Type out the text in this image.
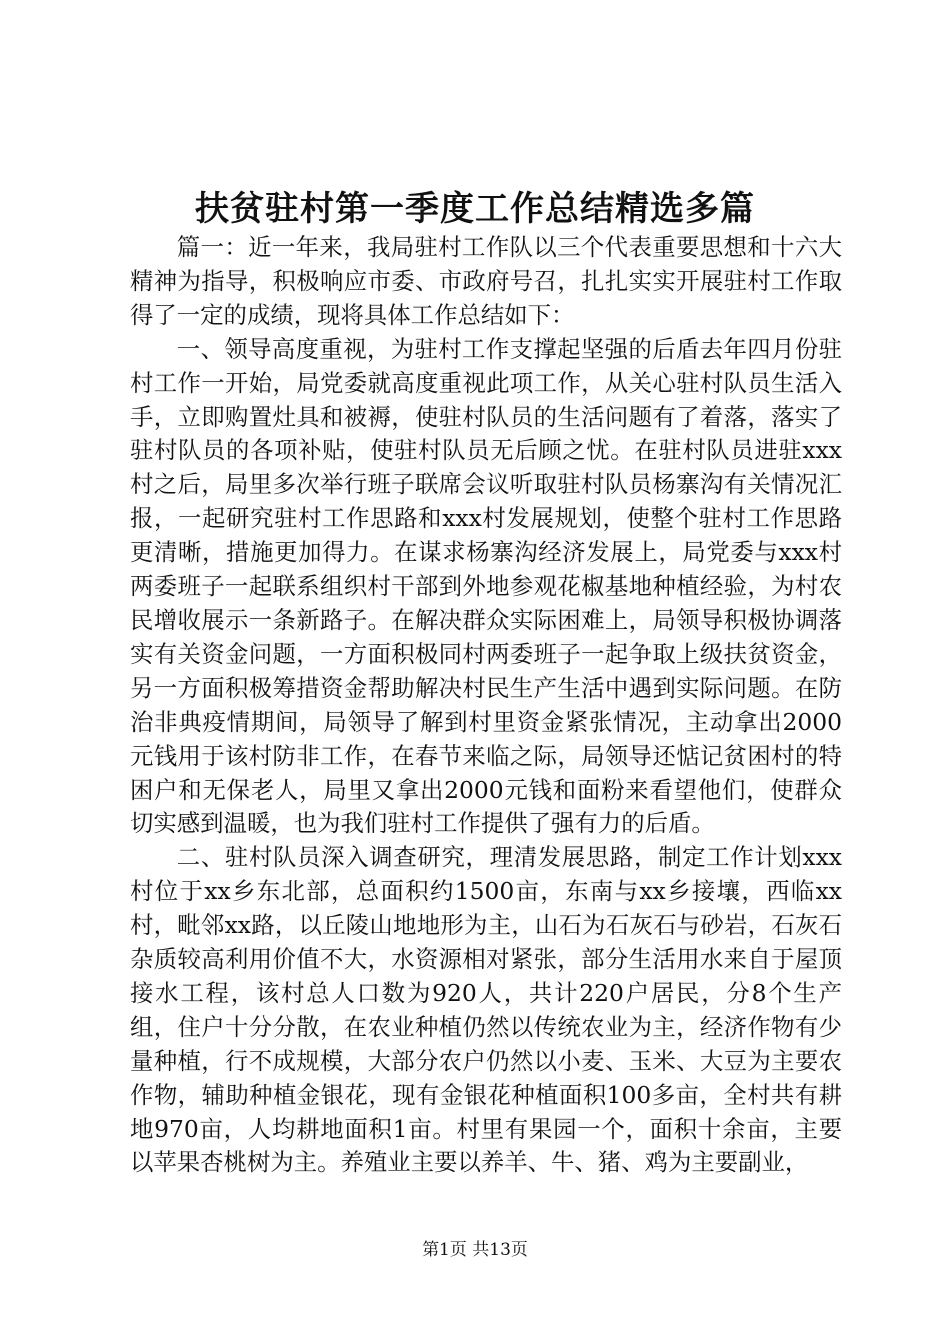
扶贫驻村第一季度工作总结精选多篇

篇一：近一年来，我局驻村工作队以三个代表重要思想和十六大精神为指导，积极响应市委、市政府号召，扎扎实实开展驻村工作取得了一定的成绩，现将具体工作总结如下：

一、领导高度重视，为驻村工作支撑起坚强的后盾去年四月份驻村工作一开始，局党委就高度重视此项工作，从关心驻村队员生活入手，立即购置灶具和被褥，使驻村队员的生活问题有了着落，落实了驻村队员的各项补贴，使驻村队员无后顾之忧。在驻村队员进驻xxx村之后，局里多次举行班子联席会议听取驻村队员杨寨沟有关情况汇报，一起研究驻村工作思路和xxx村发展规划，使整个驻村工作思路更清晰，措施更加得力。在谋求杨寨沟经济发展上，局党委与xxx村两委班子一起联系组织村干部到外地参观花椒基地种植经验，为村农民增收展示一条新路子。在解决群众实际困难上，局领导积极协调落实有关资金问题，一方面积极同村两委班子一起争取上级扶贫资金，另一方面积极筹措资金帮助解决村民生产生活中遇到实际问题。在防治非典疫情期间，局领导了解到村里资金紧张情况，主动拿出2000元钱用于该村防非工作，在春节来临之际，局领导还惦记贫困村的特困户和无保老人，局里又拿出2000元钱和面粉来看望他们，使群众切实感到温暖，也为我们驻村工作提供了强有力的后盾。

二、驻村队员深入调查研究，理清发展思路，制定工作计划xxx村位于xx乡东北部，总面积约1500亩，东南与xx乡接壤，西临xx村，毗邻xx路，以丘陵山地地形为主，山石为石灰石与砂岩，石灰石杂质较高利用价值不大，水资源相对紧张，部分生活用水来自于屋顶接水工程，该村总人口数为920人，共计220户居民，分8个生产组，住户十分分散，在农业种植仍然以传统农业为主，经济作物有少量种植，行不成规模，大部分农户仍然以小麦、玉米、大豆为主要农作物，辅助种植金银花，现有金银花种植面积100多亩，全村共有耕地970亩，人均耕地面积1亩。村里有果园一个，面积十余亩，主要以苹果杏桃树为主。养殖业主要以养羊、牛、猪、鸡为主要副业，

第1页 共13页
